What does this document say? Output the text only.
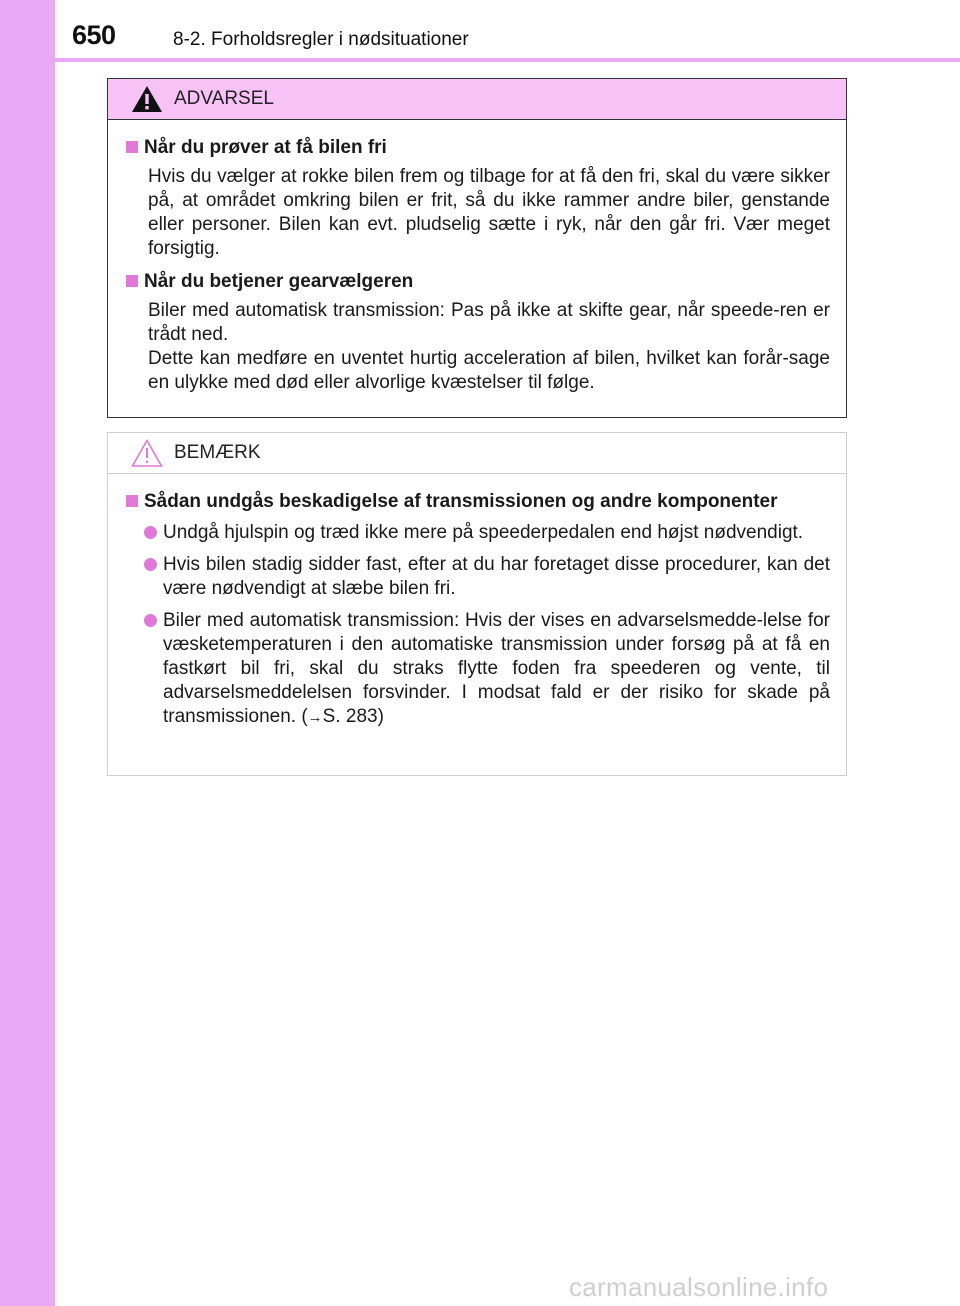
650	8-2. Forholdsregler i nødsituationer
ADVARSEL
Når du prøver at få bilen fri

Hvis du vælger at rokke bilen frem og tilbage for at få den fri, skal du være sikker på, at området omkring bilen er frit, så du ikke rammer andre biler, genstande eller personer. Bilen kan evt. pludselig sætte i ryk, når den går fri. Vær meget forsigtig.

Når du betjener gearvælgeren

Biler med automatisk transmission: Pas på ikke at skifte gear, når speede-ren er trådt ned.

Dette kan medføre en uventet hurtig acceleration af bilen, hvilket kan forår-sage en ulykke med død eller alvorlige kvæstelser til følge.

BEMÆRK
Sådan undgås beskadigelse af transmissionen og andre komponenter

Undgå hjulspin og træd ikke mere på speederpedalen end højst nødvendigt.

Hvis bilen stadig sidder fast, efter at du har foretaget disse procedurer, kan det være nødvendigt at slæbe bilen fri.

Biler med automatisk transmission: Hvis der vises en advarselsmedde-lelse for væsketemperaturen i den automatiske transmission under forsøg på at få en fastkørt bil fri, skal du straks flytte foden fra speederen og vente, til advarselsmeddelelsen forsvinder. I modsat fald er der risiko for skade på transmissionen. (→S. 283)

carmanualsonline.info
